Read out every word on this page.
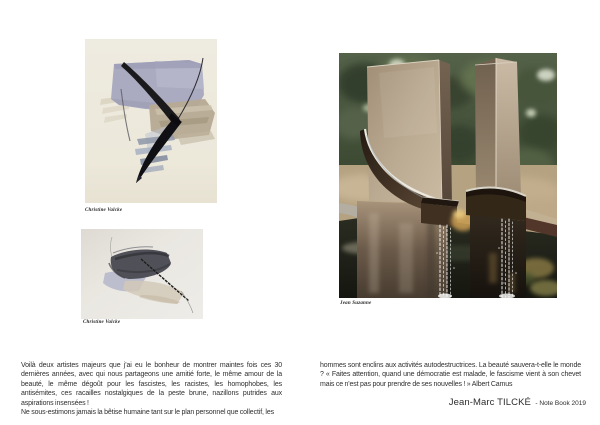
Christine Valcke
Christine Valcke
Jean Suzanne

Voilà deux artistes majeurs que j'ai eu le bonheur de montrer maintes fois ces 30 dernières années, avec qui nous partageons une amitié forte, le même amour de la beauté, le même dégoût pour les fascistes, les racistes, les homophobes, les antisémites, ces racailles nostalgiques de la peste brune, nazillons putrides aux aspirations insensées !

Ne sous-estimons jamais la bêtise humaine tant sur le plan personnel que collectif, les

hommes sont enclins aux activités autodestructrices. La beauté sauvera-t-elle le monde ? « Faites attention, quand une démocratie est malade, le fascisme vient à son chevet mais ce n'est pas pour prendre de ses nouvelles ! » Albert Camus

Jean-Marc TILCKÉ - Note Book 2019
